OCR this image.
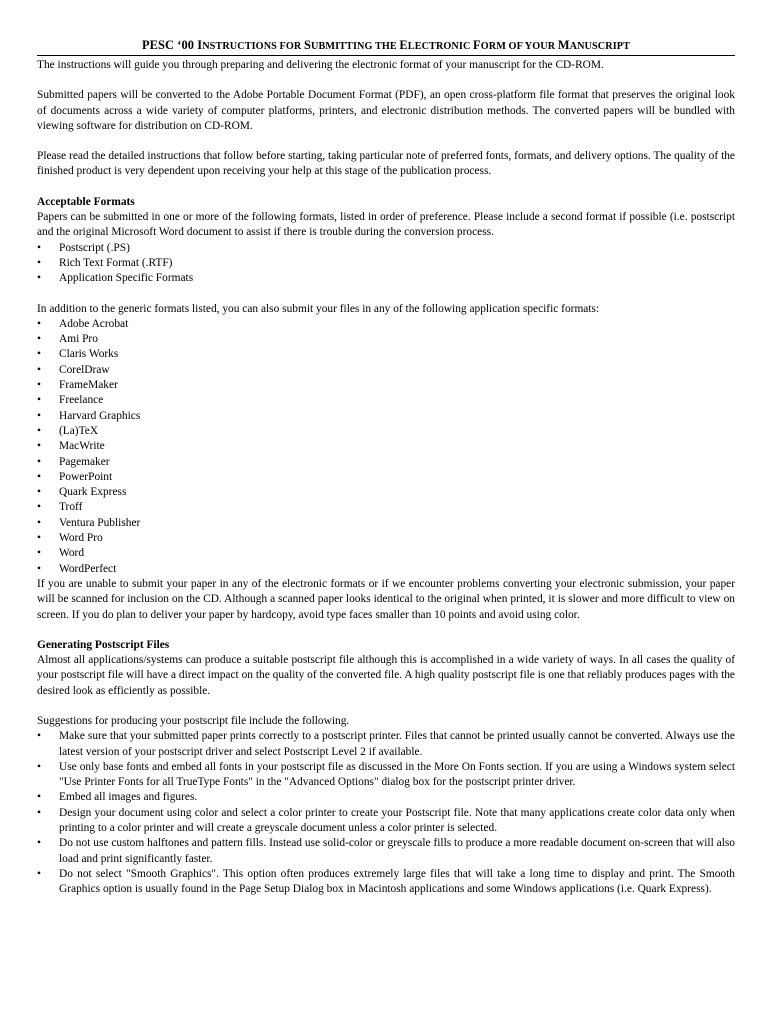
PESC ‘00 INSTRUCTIONS FOR SUBMITTING THE ELECTRONIC FORM OF YOUR MANUSCRIPT

The instructions will guide you through preparing and delivering the electronic format of your manuscript for the CD-ROM.

Submitted papers will be converted to the Adobe Portable Document Format (PDF), an open cross-platform file format that preserves the original look of documents across a wide variety of computer platforms, printers, and electronic distribution methods. The converted papers will be bundled with viewing software for distribution on CD-ROM.

Please read the detailed instructions that follow before starting, taking particular note of preferred fonts, formats, and delivery options. The quality of the finished product is very dependent upon receiving your help at this stage of the publication process.

Acceptable Formats

Papers can be submitted in one or more of the following formats, listed in order of preference. Please include a second format if possible (i.e. postscript and the original Microsoft Word document to assist if there is trouble during the conversion process.

•	Postscript (.PS)
•	Rich Text Format (.RTF)
•	Application Specific Formats

In addition to the generic formats listed, you can also submit your files in any of the following application specific formats:

•	Adobe Acrobat
•	Ami Pro
•	Claris Works
•	CorelDraw
•	FrameMaker
•	Freelance
•	Harvard Graphics
•	(La)TeX
•	MacWrite
•	Pagemaker
•	PowerPoint
•	Quark Express
•	Troff
•	Ventura Publisher
•	Word Pro
•	Word
•	WordPerfect

If you are unable to submit your paper in any of the electronic formats or if we encounter problems converting your electronic submission, your paper will be scanned for inclusion on the CD. Although a scanned paper looks identical to the original when printed, it is slower and more difficult to view on screen. If you do plan to deliver your paper by hardcopy, avoid type faces smaller than 10 points and avoid using color.

Generating Postscript Files

Almost all applications/systems can produce a suitable postscript file although this is accomplished in a wide variety of ways. In all cases the quality of your postscript file will have a direct impact on the quality of the converted file. A high quality postscript file is one that reliably produces pages with the desired look as efficiently as possible.

Suggestions for producing your postscript file include the following.

•	Make sure that your submitted paper prints correctly to a postscript printer. Files that cannot be printed usually cannot be converted. Always use the latest version of your postscript driver and select Postscript Level 2 if available.
•	Use only base fonts and embed all fonts in your postscript file as discussed in the More On Fonts section. If you are using a Windows system select "Use Printer Fonts for all TrueType Fonts" in the "Advanced Options" dialog box for the postscript printer driver.
•	Embed all images and figures.
•	Design your document using color and select a color printer to create your Postscript file. Note that many applications create color data only when printing to a color printer and will create a greyscale document unless a color printer is selected.
•	Do not use custom halftones and pattern fills. Instead use solid-color or greyscale fills to produce a more readable document on-screen that will also load and print significantly faster.
•	Do not select "Smooth Graphics". This option often produces extremely large files that will take a long time to display and print. The Smooth Graphics option is usually found in the Page Setup Dialog box in Macintosh applications and some Windows applications (i.e. Quark Express).
